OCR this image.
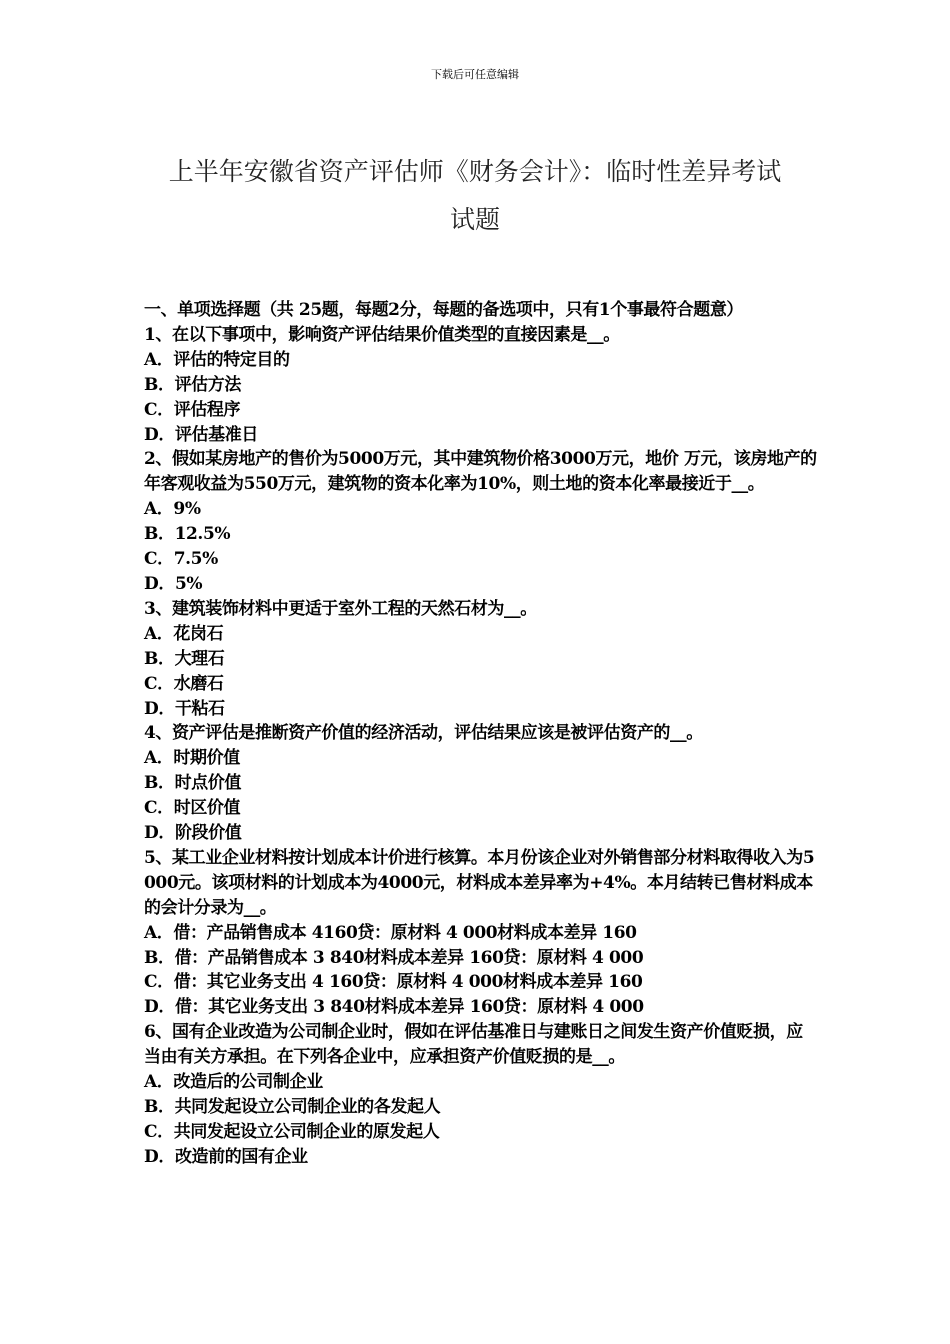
下载后可任意编辑
上半年安徽省资产评估师《财务会计》：临时性差异考试
试题

一、单项选择题（共 25题，每题2分，每题的备选项中，只有1个事最符合题意）

1、在以下事项中，影响资产评估结果价值类型的直接因素是__。

A．评估的特定目的

B．评估方法

C．评估程序

D．评估基准日

2、假如某房地产的售价为5000万元，其中建筑物价格3000万元，地价 万元，该房地产的年客观收益为550万元，建筑物的资本化率为10%，则土地的资本化率最接近于__。

A．9%

B．12.5%

C．7.5%

D．5%

3、建筑装饰材料中更适于室外工程的天然石材为__。

A．花岗石

B．大理石

C．水磨石

D．干粘石

4、资产评估是推断资产价值的经济活动，评估结果应该是被评估资产的__。

A．时期价值

B．时点价值

C．时区价值

D．阶段价值

5、某工业企业材料按计划成本计价进行核算。本月份该企业对外销售部分材料取得收入为5 000元。该项材料的计划成本为4000元，材料成本差异率为+4%。本月结转已售材料成本的会计分录为__。

A．借：产品销售成本 4160贷：原材料 4 000材料成本差异 160

B．借：产品销售成本 3 840材料成本差异 160贷：原材料 4 000

C．借：其它业务支出 4 160贷：原材料 4 000材料成本差异 160

D．借：其它业务支出 3 840材料成本差异 160贷：原材料 4 000

6、国有企业改造为公司制企业时，假如在评估基准日与建账日之间发生资产价值贬损，应当由有关方承担。在下列各企业中，应承担资产价值贬损的是__。

A．改造后的公司制企业

B．共同发起设立公司制企业的各发起人

C．共同发起设立公司制企业的原发起人

D．改造前的国有企业
